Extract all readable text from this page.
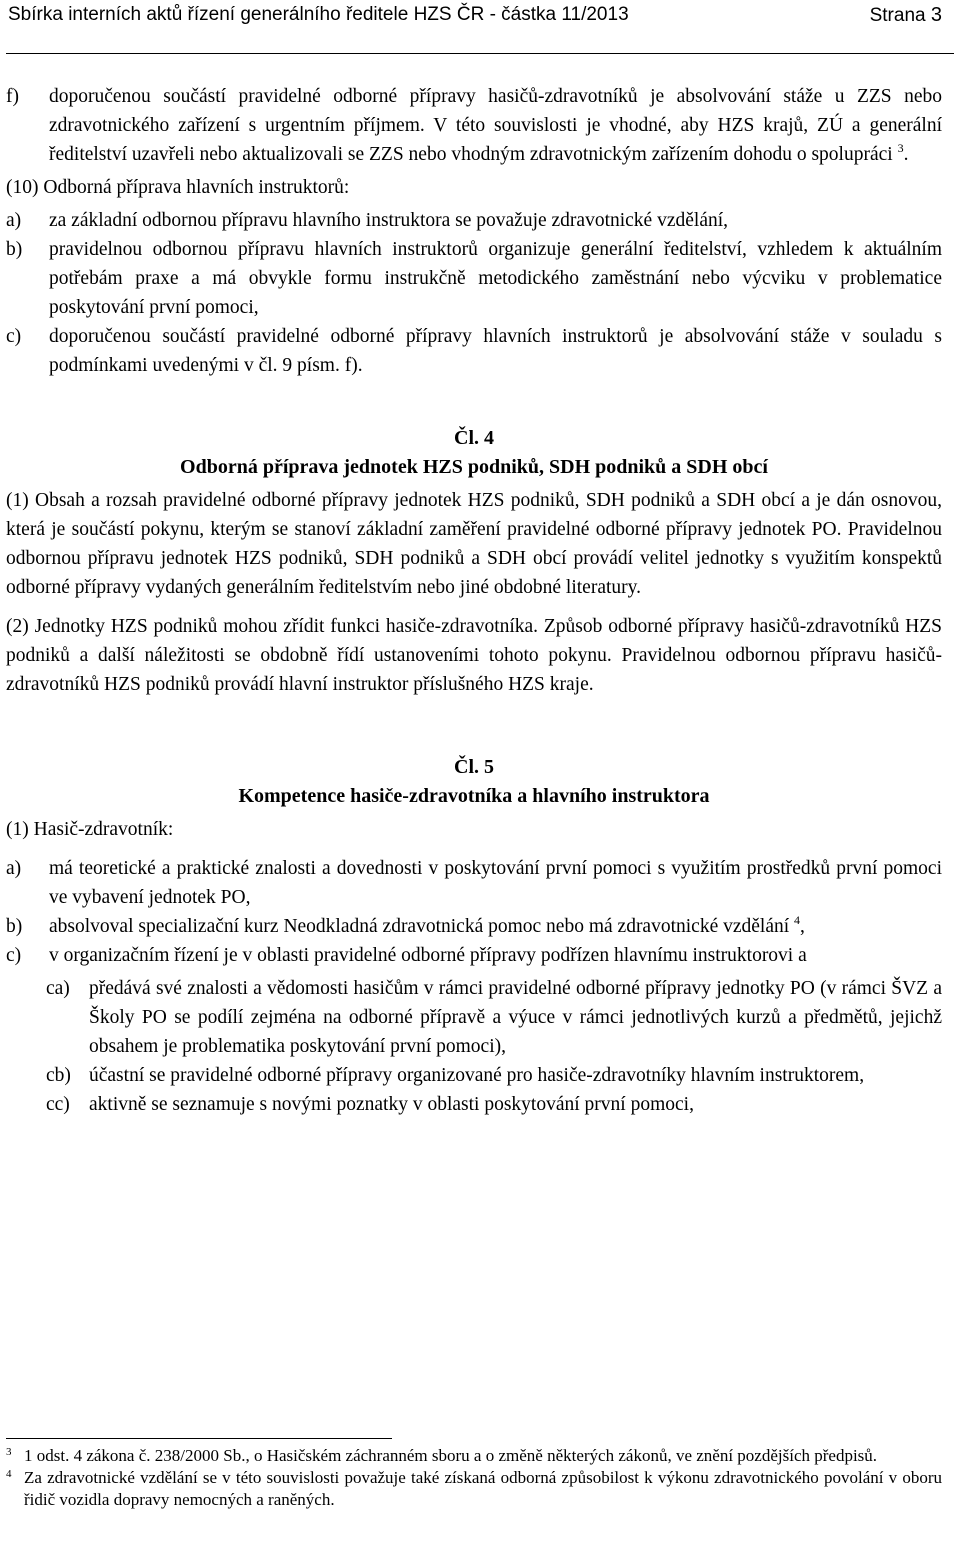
Sbírka interních aktů řízení generálního ředitele HZS ČR - částka 11/2013	Strana 3
f)	doporučenou součástí pravidelné odborné přípravy hasičů-zdravotníků je absolvování stáže u ZZS nebo zdravotnického zařízení s urgentním příjmem. V této souvislosti je vhodné, aby HZS krajů, ZÚ a generální ředitelství uzavřeli nebo aktualizovali se ZZS nebo vhodným zdravotnickým zařízením dohodu o spolupráci $^3$.

(10) Odborná příprava hlavních instruktorů:

a)	za základní odbornou přípravu hlavního instruktora se považuje zdravotnické vzdělání,
b)	pravidelnou odbornou přípravu hlavních instruktorů organizuje generální ředitelství, vzhledem k aktuálním potřebám praxe a má obvykle formu instrukčně metodického zaměstnání nebo výcviku v problematice poskytování první pomoci,
c)	doporučenou součástí pravidelné odborné přípravy hlavních instruktorů je absolvování stáže v souladu s podmínkami uvedenými v čl. 9 písm. f).
Čl. 4
Odborná příprava jednotek HZS podniků, SDH podniků a SDH obcí

(1) Obsah a rozsah pravidelné odborné přípravy jednotek HZS podniků, SDH podniků a SDH obcí a je dán osnovou, která je součástí pokynu, kterým se stanoví základní zaměření pravidelné odborné přípravy jednotek PO. Pravidelnou odbornou přípravu jednotek HZS podniků, SDH podniků a SDH obcí provádí velitel jednotky s využitím konspektů odborné přípravy vydaných generálním ředitelstvím nebo jiné obdobné literatury.

(2) Jednotky HZS podniků mohou zřídit funkci hasiče-zdravotníka. Způsob odborné přípravy hasičů-zdravotníků HZS podniků a další náležitosti se obdobně řídí ustanoveními tohoto pokynu. Pravidelnou odbornou přípravu hasičů-zdravotníků HZS podniků provádí hlavní instruktor příslušného HZS kraje.

Čl. 5
Kompetence hasiče-zdravotníka a hlavního instruktora

(1) Hasič-zdravotník:

a)	má teoretické a praktické znalosti a dovednosti v poskytování první pomoci s využitím prostředků první pomoci ve vybavení jednotek PO,
b)	absolvoval specializační kurz Neodkladná zdravotnická pomoc nebo má zdravotnické vzdělání $^4$,
c)	v organizačním řízení je v oblasti pravidelné odborné přípravy podřízen hlavnímu instruktorovi a
ca) předává své znalosti a vědomosti hasičům v rámci pravidelné odborné přípravy jednotky PO (v rámci ŠVZ a Školy PO se podílí zejména na odborné přípravě a výuce v rámci jednotlivých kurzů a předmětů, jejichž obsahem je problematika poskytování první pomoci),
cb) účastní se pravidelné odborné přípravy organizované pro hasiče-zdravotníky hlavním instruktorem,
cc) aktivně se seznamuje s novými poznatky v oblasti poskytování první pomoci,
3 1 odst. 4 zákona č. 238/2000 Sb., o Hasičském záchranném sboru a o změně některých zákonů, ve znění pozdějších předpisů.
4 Za zdravotnické vzdělání se v této souvislosti považuje také získaná odborná způsobilost k výkonu zdravotnického povolání v oboru řidič vozidla dopravy nemocných a raněných.
